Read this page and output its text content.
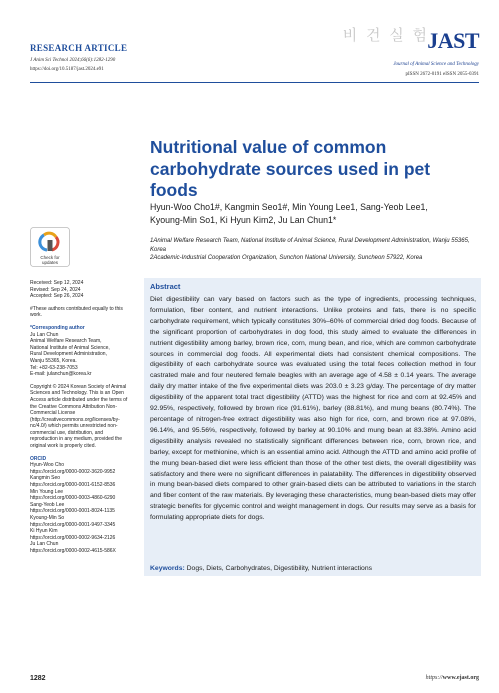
RESEARCH ARTICLE
J Anim Sci Technol 2024;66(6):1282-1290
https://doi.org/10.5187/jast.2024.e91
비 건 실 험
JAST
Journal of Animal Science and Technology
pISSN 2672-0191 eISSN 2055-0391
Nutritional value of common carbohydrate sources used in pet foods
Hyun-Woo Cho1#, Kangmin Seo1#, Min Young Lee1, Sang-Yeob Lee1,
Kyoung-Min So1, Ki Hyun Kim2, Ju Lan Chun1*
1Animal Welfare Research Team, National Institute of Animal Science, Rural Development Administration, Wanju 55365, Korea
2Academic-Industrial Cooperation Organization, Sunchon National University, Suncheon 57922, Korea
Check for
updates
Received: Sep 12, 2024
Revised: Sep 24, 2024
Accepted: Sep 26, 2024
#These authors contributed equally to this work.
*Corresponding author
Ju Lan Chun
Animal Welfare Research Team,
National Institute of Animal Science,
Rural Development Administration,
Wanju 55365, Korea.
Tel: +82-63-238-7053
E-mail: julanchun@korea.kr
Copyright © 2024 Korean Society of Animal Sciences and Technology. This is an Open Access article distributed under the terms of the Creative Commons Attribution Non-Commercial License (http://creativecommons.org/licenses/by-nc/4.0/) which permits unrestricted non-commercial use, distribution, and reproduction in any medium, provided the original work is properly cited.
ORCID
Hyun-Woo Cho
https://orcid.org/0000-0002-3620-9952
Kangmin Seo
https://orcid.org/0000-0001-6152-8536
Min Young Lee
https://orcid.org/0000-0003-4860-6290
Sang-Yeob Lee
https://orcid.org/0000-0001-8024-1135
Kyoung-Min So
https://orcid.org/0000-0001-9497-3345
Ki Hyun Kim
https://orcid.org/0000-0002-9634-2126
Ju Lan Chun
https://orcid.org/0000-0002-4615-586X
Abstract
Diet digestibility can vary based on factors such as the type of ingredients, processing techniques, formulation, fiber content, and nutrient interactions. Unlike proteins and fats, there is no specific carbohydrate requirement, which typically constitutes 30%–60% of commercial dried dog foods. Because of the significant proportion of carbohydrates in dog food, this study aimed to evaluate the differences in nutrient digestibility among barley, brown rice, corn, mung bean, and rice, which are common carbohydrate sources in commercial dog foods. All experimental diets had consistent chemical compositions. The digestibility of each carbohydrate source was evaluated using the total feces collection method in four castrated male and four neutered female beagles with an average age of 4.58 ± 0.14 years. The average daily dry matter intake of the five experimental diets was 203.0 ± 3.23 g/day. The percentage of dry matter digestibility of the apparent total tract digestibility (ATTD) was the highest for rice and corn at 92.45% and 92.95%, respectively, followed by brown rice (91.61%), barley (88.81%), and mung beans (80.74%). The percentage of nitrogen-free extract digestibility was also high for rice, corn, and brown rice at 97.08%, 96.14%, and 95.56%, respectively, followed by barley at 90.10% and mung bean at 83.38%. Amino acid digestibility analysis revealed no statistically significant differences between rice, corn, brown rice, and barley, except for methionine, which is an essential amino acid. Although the ATTD and amino acid profile of the mung bean-based diet were less efficient than those of the other test diets, the overall digestibility was satisfactory and there were no significant differences in palatability. The differences in digestibility observed in mung bean-based diets compared to other grain-based diets can be attributed to variations in the starch and fiber content of the raw materials. By leveraging these characteristics, mung bean-based diets may offer strategic benefits for glycemic control and weight management in dogs. Our results may serve as a basis for formulating appropriate diets for dogs.
Keywords: Dogs, Diets, Carbohydrates, Digestibility, Nutrient interactions
1282	https://www.ejast.org
